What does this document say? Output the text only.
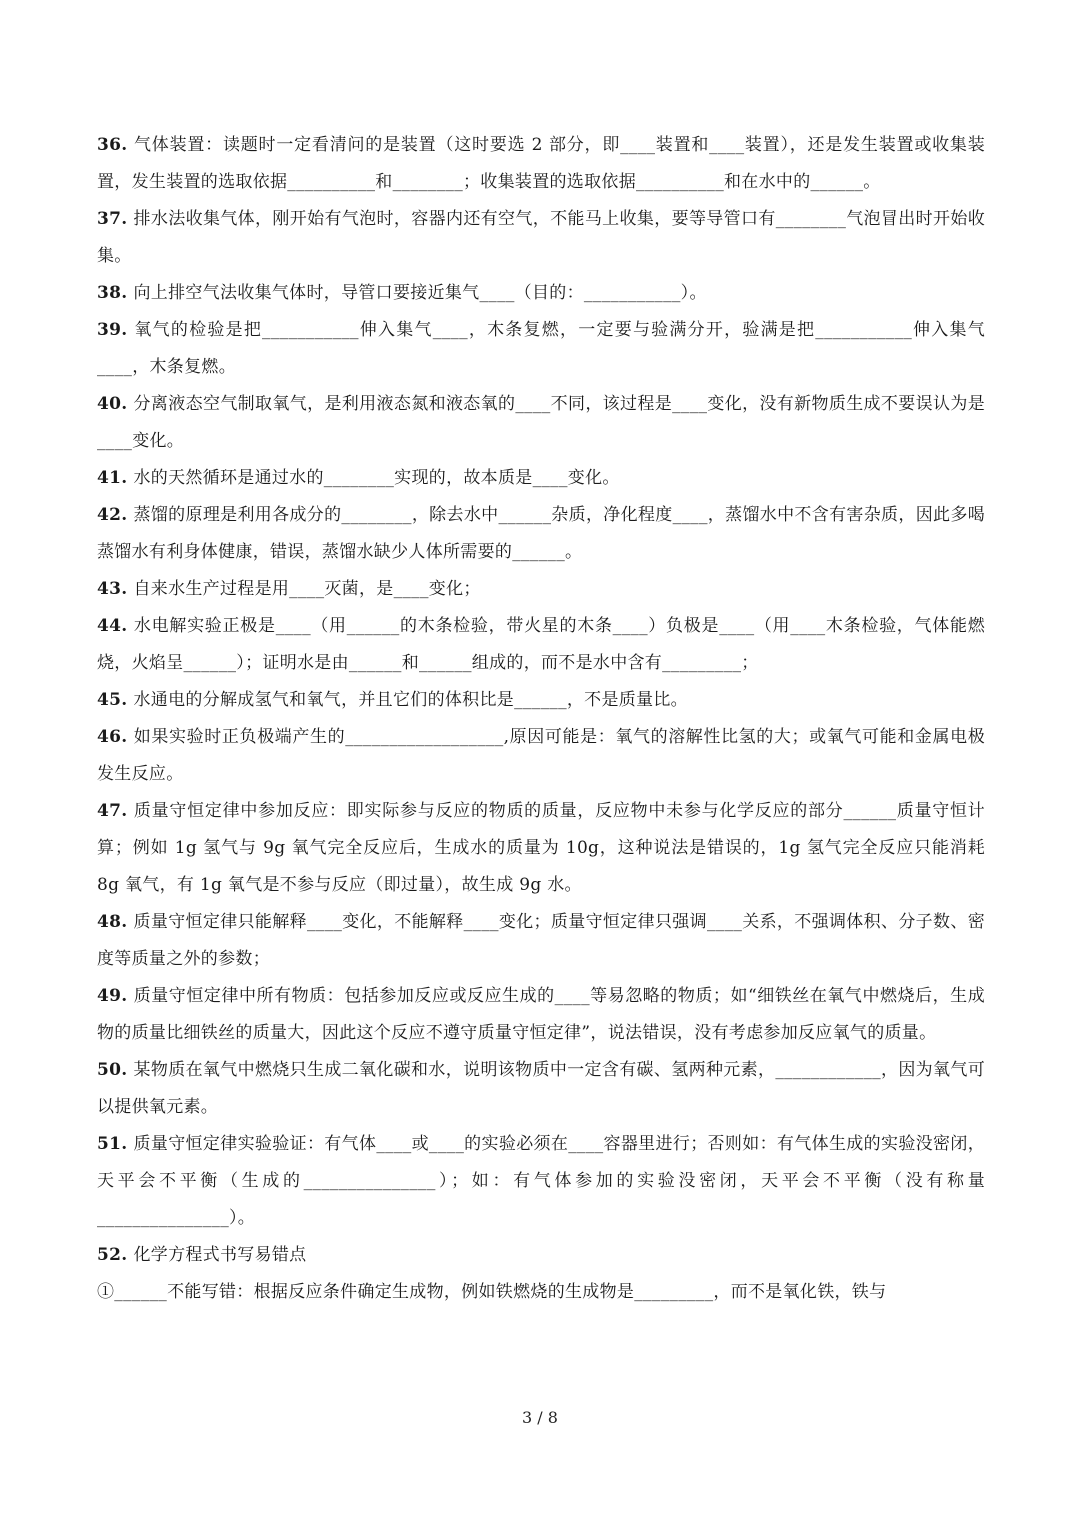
36. 气体装置：读题时一定看清问的是装置（这时要选 2 部分，即____装置和____装置），还是发生装置或收集装置，发生装置的选取依据__________和________；收集装置的选取依据__________和在水中的______。
37. 排水法收集气体，刚开始有气泡时，容器内还有空气，不能马上收集，要等导管口有________气泡冒出时开始收集。
38. 向上排空气法收集气体时，导管口要接近集气____（目的：___________）。
39. 氧气的检验是把___________伸入集气____，木条复燃，一定要与验满分开，验满是把___________伸入集气____，木条复燃。
40. 分离液态空气制取氧气，是利用液态氮和液态氧的____不同，该过程是____变化，没有新物质生成不要误认为是____变化。
41. 水的天然循环是通过水的________实现的，故本质是____变化。
42. 蒸馏的原理是利用各成分的________，除去水中______杂质，净化程度____，蒸馏水中不含有害杂质，因此多喝蒸馏水有利身体健康，错误，蒸馏水缺少人体所需要的______。
43. 自来水生产过程是用____灭菌，是____变化；
44. 水电解实验正极是____（用______的木条检验，带火星的木条____）负极是____（用____木条检验，气体能燃烧，火焰呈______）；证明水是由______和______组成的，而不是水中含有_________；
45. 水通电的分解成氢气和氧气，并且它们的体积比是______，不是质量比。
46. 如果实验时正负极端产生的__________________,原因可能是：氧气的溶解性比氢的大；或氧气可能和金属电极发生反应。
47. 质量守恒定律中参加反应：即实际参与反应的物质的质量，反应物中未参与化学反应的部分______质量守恒计算；例如 1g 氢气与 9g 氧气完全反应后，生成水的质量为 10g，这种说法是错误的，1g 氢气完全反应只能消耗 8g 氧气，有 1g 氧气是不参与反应（即过量），故生成 9g 水。
48. 质量守恒定律只能解释____变化，不能解释____变化；质量守恒定律只强调____关系，不强调体积、分子数、密度等质量之外的参数；
49. 质量守恒定律中所有物质：包括参加反应或反应生成的____等易忽略的物质；如“细铁丝在氧气中燃烧后，生成物的质量比细铁丝的质量大，因此这个反应不遵守质量守恒定律”，说法错误，没有考虑参加反应氧气的质量。
50. 某物质在氧气中燃烧只生成二氧化碳和水，说明该物质中一定含有碳、氢两种元素，____________，因为氧气可以提供氧元素。
51. 质量守恒定律实验验证：有气体____或____的实验必须在____容器里进行；否则如：有气体生成的实验没密闭，天平会不平衡（生成的_______________）；如：有气体参加的实验没密闭，天平会不平衡（没有称量_______________）。
52. 化学方程式书写易错点
①______不能写错：根据反应条件确定生成物，例如铁燃烧的生成物是_________，而不是氧化铁，铁与
3 / 8
